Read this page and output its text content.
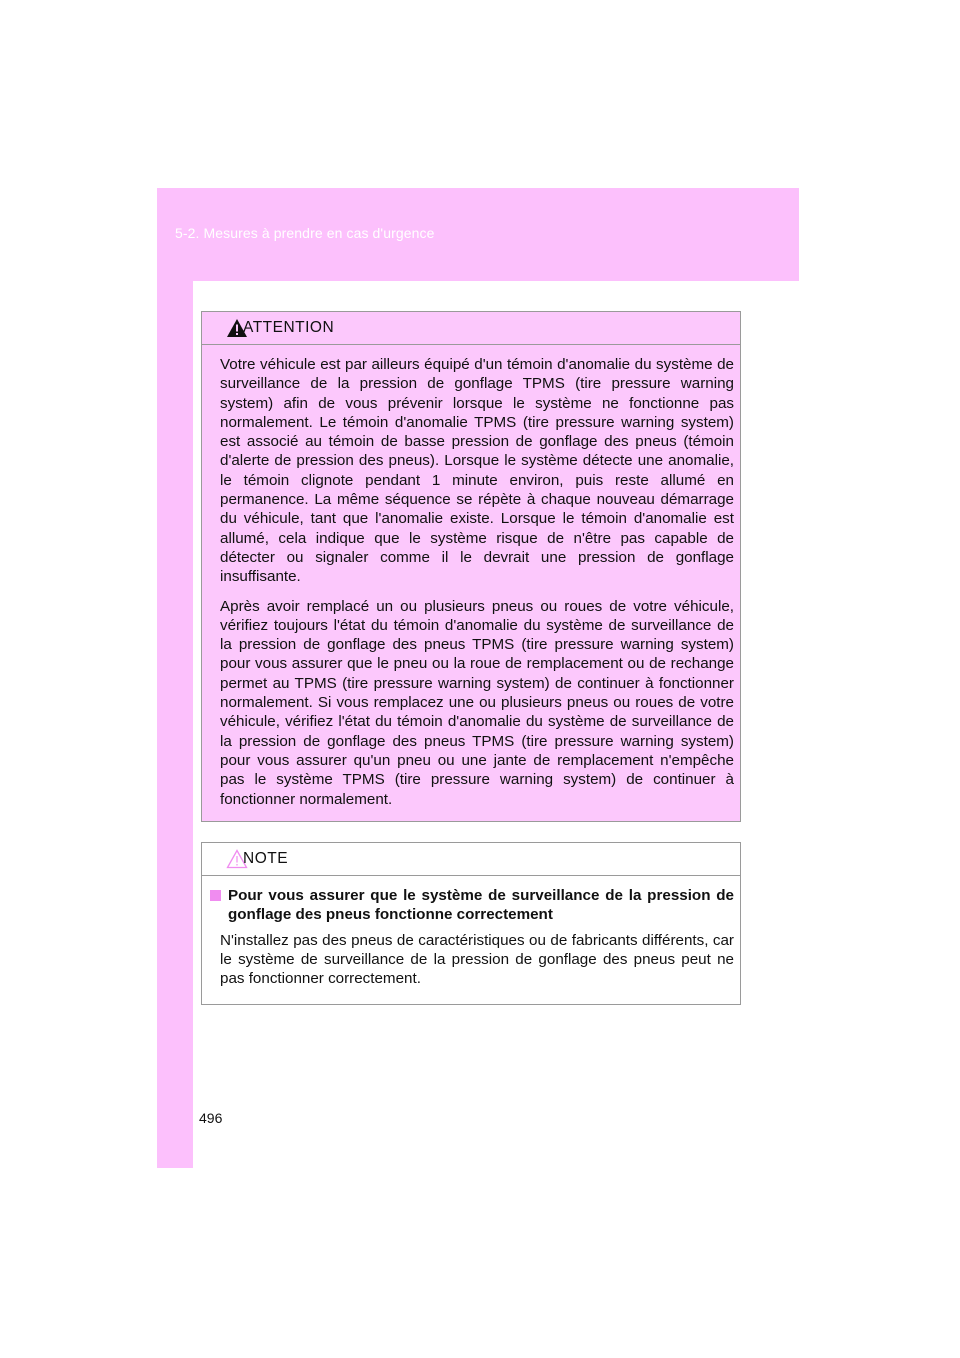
5-2. Mesures à prendre en cas d'urgence
ATTENTION

Votre véhicule est par ailleurs équipé d'un témoin d'anomalie du système de surveillance de la pression de gonflage TPMS (tire pressure warning system) afin de vous prévenir lorsque le système ne fonctionne pas normalement. Le témoin d'anomalie TPMS (tire pressure warning system) est associé au témoin de basse pression de gonflage des pneus (témoin d'alerte de pression des pneus). Lorsque le système détecte une anomalie, le témoin clignote pendant 1 minute environ, puis reste allumé en permanence. La même séquence se répète à chaque nouveau démarrage du véhicule, tant que l'anomalie existe. Lorsque le témoin d'anomalie est allumé, cela indique que le système risque de n'être pas capable de détecter ou signaler comme il le devrait une pression de gonflage insuffisante.

Après avoir remplacé un ou plusieurs pneus ou roues de votre véhicule, vérifiez toujours l'état du témoin d'anomalie du système de surveillance de la pression de gonflage des pneus TPMS (tire pressure warning system) pour vous assurer que le pneu ou la roue de remplacement ou de rechange permet au TPMS (tire pressure warning system) de continuer à fonctionner normalement. Si vous remplacez une ou plusieurs pneus ou roues de votre véhicule, vérifiez l'état du témoin d'anomalie du système de surveillance de la pression de gonflage des pneus TPMS (tire pressure warning system) pour vous assurer qu'un pneu ou une jante de remplacement n'empêche pas le système TPMS (tire pressure warning system) de continuer à fonctionner normalement.

NOTE
Pour vous assurer que le système de surveillance de la pression de gonflage des pneus fonctionne correctement

N'installez pas des pneus de caractéristiques ou de fabricants différents, car le système de surveillance de la pression de gonflage des pneus peut ne pas fonctionner correctement.

496
